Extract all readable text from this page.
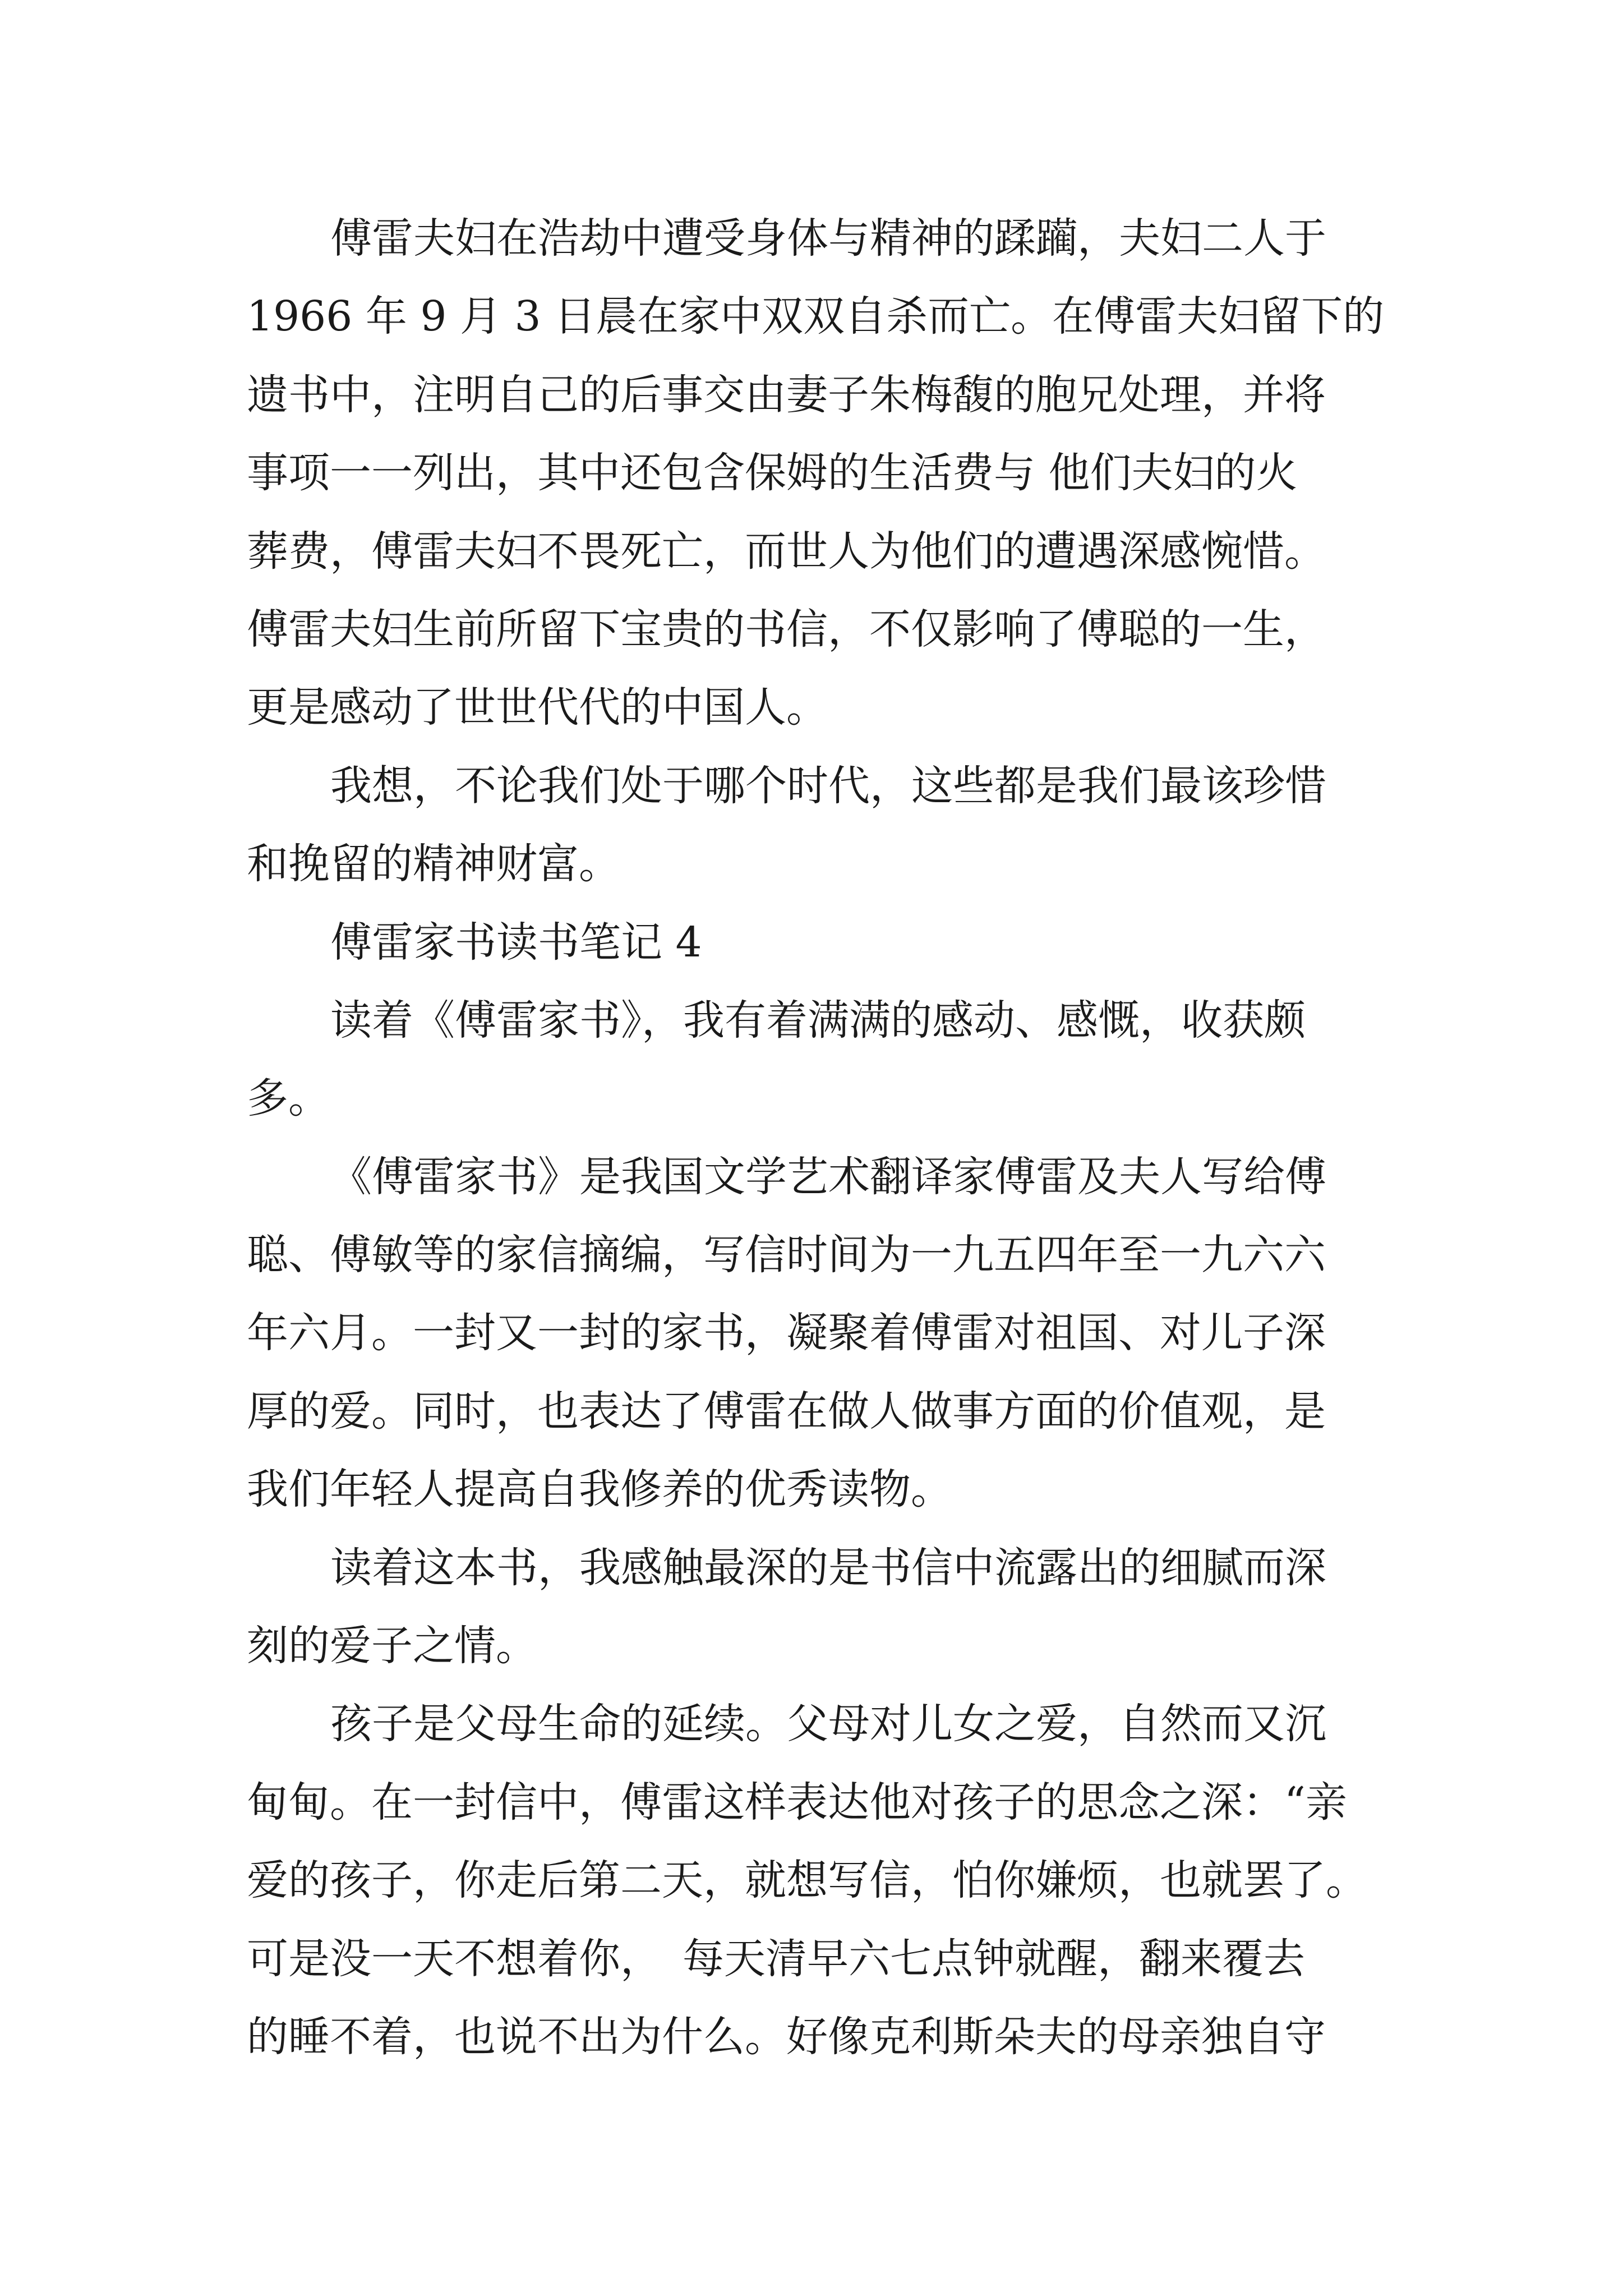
傅雷夫妇在浩劫中遭受身体与精神的蹂躏，夫妇二人于
1966 年 9 月 3 日晨在家中双双自杀而亡。在傅雷夫妇留下的
遗书中，注明自己的后事交由妻子朱梅馥的胞兄处理，并将
事项一一列出，其中还包含保姆的生活费与 他们夫妇的火
葬费，傅雷夫妇不畏死亡，而世人为他们的遭遇深感惋惜。
傅雷夫妇生前所留下宝贵的书信，不仅影响了傅聪的一生，
更是感动了世世代代的中国人。
我想，不论我们处于哪个时代，这些都是我们最该珍惜
和挽留的精神财富。
傅雷家书读书笔记 4
读着《傅雷家书》，我有着满满的感动、感慨，收获颇
多。
《傅雷家书》是我国文学艺术翻译家傅雷及夫人写给傅
聪、傅敏等的家信摘编，写信时间为一九五四年至一九六六
年六月。一封又一封的家书，凝聚着傅雷对祖国、对儿子深
厚的爱。同时，也表达了傅雷在做人做事方面的价值观，是
我们年轻人提高自我修养的优秀读物。
读着这本书，我感触最深的是书信中流露出的细腻而深
刻的爱子之情。
孩子是父母生命的延续。父母对儿女之爱，自然而又沉
甸甸。在一封信中，傅雷这样表达他对孩子的思念之深：“亲
爱的孩子，你走后第二天，就想写信，怕你嫌烦，也就罢了。
可是没一天不想着你，　每天清早六七点钟就醒，翻来覆去
的睡不着，也说不出为什么。好像克利斯朵夫的母亲独自守
